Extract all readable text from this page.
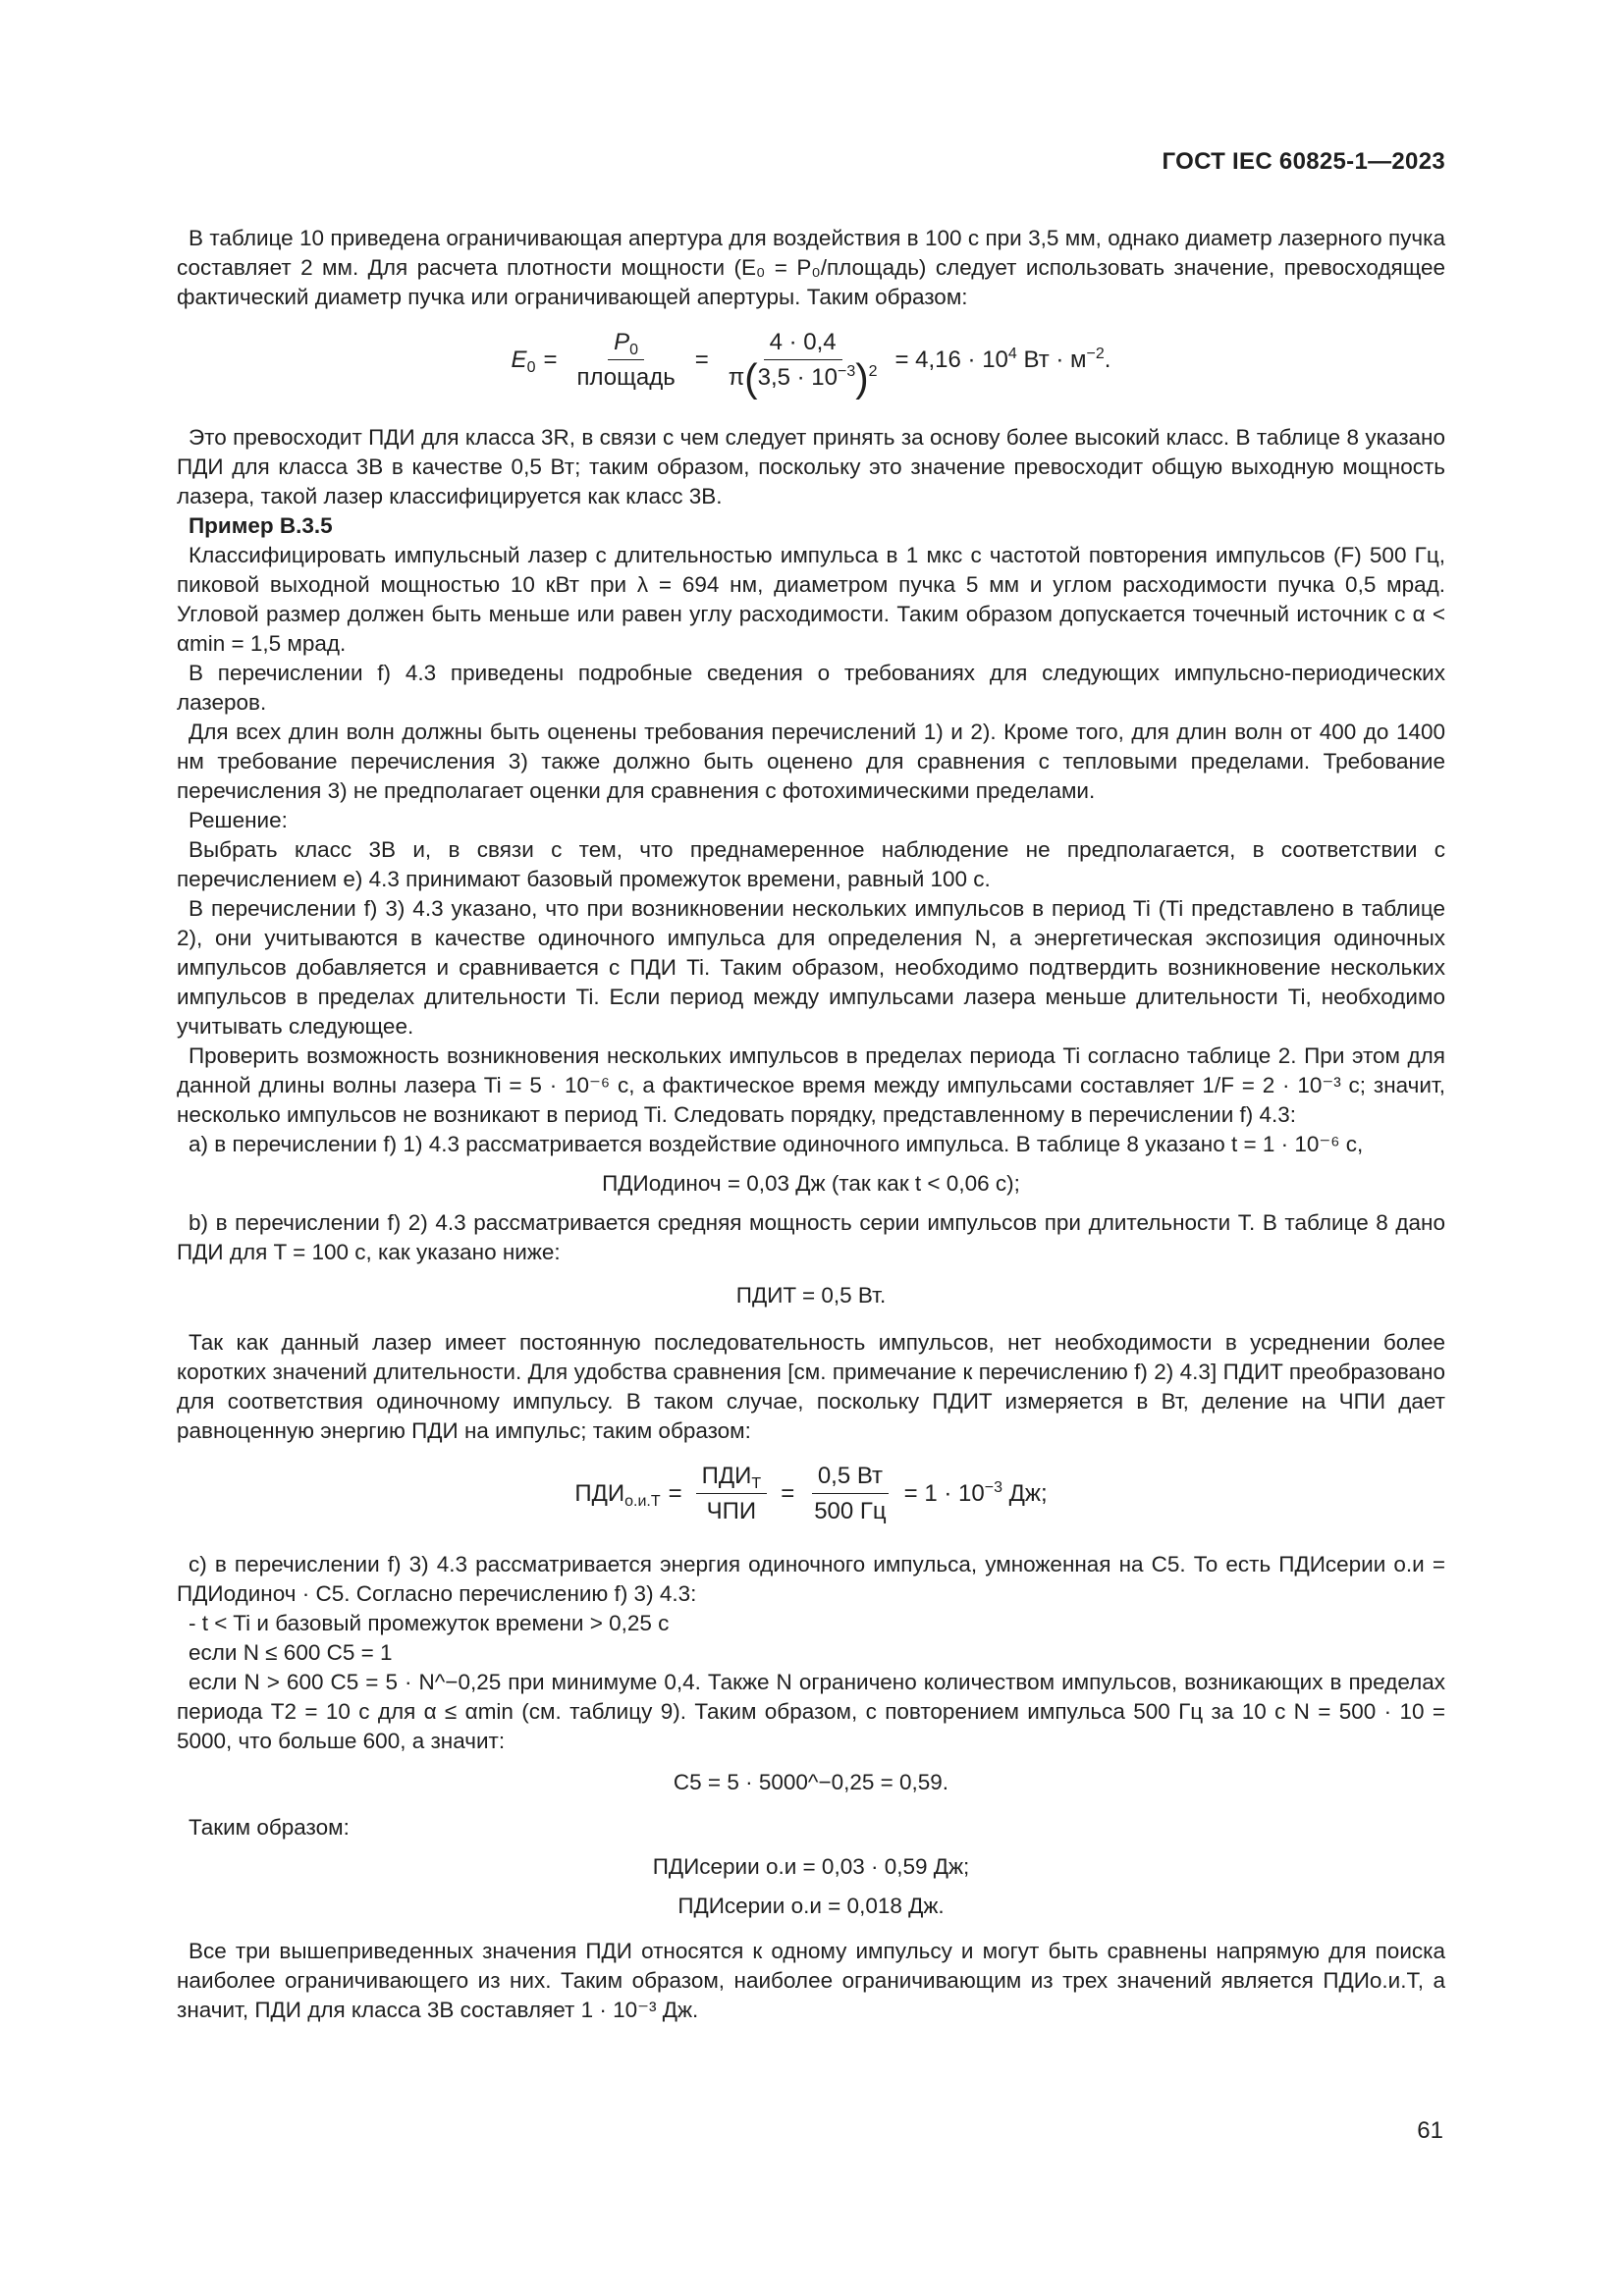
ГОСТ IEC 60825-1—2023

В таблице 10 приведена ограничивающая апертура для воздействия в 100 с при 3,5 мм, однако диаметр лазерного пучка составляет 2 мм. Для расчета плотности мощности (E₀ = P₀/площадь) следует использовать значение, превосходящее фактический диаметр пучка или ограничивающей апертуры. Таким образом:

$E_0 = \frac{P_0}{\text{площадь}} = \frac{4 \cdot 0,4}{\pi(3,5 \cdot 10^{-3})^2} = 4,16 \cdot 10^4$ Вт · $м^{-2}$.

Это превосходит ПДИ для класса 3R, в связи с чем следует принять за основу более высокий класс. В таблице 8 указано ПДИ для класса 3В в качестве 0,5 Вт; таким образом, поскольку это значение превосходит общую выходную мощность лазера, такой лазер классифицируется как класс 3В.

Пример В.3.5

Классифицировать импульсный лазер с длительностью импульса в 1 мкс с частотой повторения импульсов (F) 500 Гц, пиковой выходной мощностью 10 кВт при λ = 694 нм, диаметром пучка 5 мм и углом расходимости пучка 0,5 мрад. Угловой размер должен быть меньше или равен углу расходимости. Таким образом допускается точечный источник с α < αmin = 1,5 мрад.

В перечислении f) 4.3 приведены подробные сведения о требованиях для следующих импульсно-периодических лазеров.

Для всех длин волн должны быть оценены требования перечислений 1) и 2). Кроме того, для длин волн от 400 до 1400 нм требование перечисления 3) также должно быть оценено для сравнения с тепловыми пределами. Требование перечисления 3) не предполагает оценки для сравнения с фотохимическими пределами.

Решение:

Выбрать класс 3В и, в связи с тем, что преднамеренное наблюдение не предполагается, в соответствии с перечислением е) 4.3 принимают базовый промежуток времени, равный 100 с.

В перечислении f) 3) 4.3 указано, что при возникновении нескольких импульсов в период Ti (Ti представлено в таблице 2), они учитываются в качестве одиночного импульса для определения N, а энергетическая экспозиция одиночных импульсов добавляется и сравнивается с ПДИ Ti. Таким образом, необходимо подтвердить возникновение нескольких импульсов в пределах длительности Ti. Если период между импульсами лазера меньше длительности Ti, необходимо учитывать следующее.

Проверить возможность возникновения нескольких импульсов в пределах периода Ti согласно таблице 2. При этом для данной длины волны лазера Ti = 5 · 10⁻⁶ с, а фактическое время между импульсами составляет 1/F = 2 · 10⁻³ с; значит, несколько импульсов не возникают в период Ti. Следовать порядку, представленному в перечислении f) 4.3:

a) в перечислении f) 1) 4.3 рассматривается воздействие одиночного импульса. В таблице 8 указано t = 1 · 10⁻⁶ с,

ПДИодиноч = 0,03 Дж (так как t < 0,06 с);

b) в перечислении f) 2) 4.3 рассматривается средняя мощность серии импульсов при длительности T. В таблице 8 дано ПДИ для T = 100 с, как указано ниже:

ПДИT = 0,5 Вт.

Так как данный лазер имеет постоянную последовательность импульсов, нет необходимости в усреднении более коротких значений длительности. Для удобства сравнения [см. примечание к перечислению f) 2) 4.3] ПДИT преобразовано для соответствия одиночному импульсу. В таком случае, поскольку ПДИT измеряется в Вт, деление на ЧПИ дает равноценную энергию ПДИ на импульс; таким образом:

$ПДИ_{о.и.Т} = \frac{ПДИ_Т}{\text{ЧПИ}} = \frac{0,5 Вт}{500 Гц} = 1 \cdot 10^{-3}$ Дж;

c) в перечислении f) 3) 4.3 рассматривается энергия одиночного импульса, умноженная на C5. То есть ПДИсерии о.и = ПДИодиноч · C5. Согласно перечислению f) 3) 4.3:

- t < Ti и базовый промежуток времени > 0,25 с

если N ≤ 600 C5 = 1

если N > 600 C5 = 5 · N^−0,25 при минимуме 0,4. Также N ограничено количеством импульсов, возникающих в пределах периода T2 = 10 с для α ≤ αmin (см. таблицу 9). Таким образом, с повторением импульса 500 Гц за 10 с N = 500 · 10 = 5000, что больше 600, а значит:

C5 = 5 · 5000^−0,25 = 0,59.

Таким образом:

ПДИсерии о.и = 0,03 · 0,59 Дж;

ПДИсерии о.и = 0,018 Дж.

Все три вышеприведенных значения ПДИ относятся к одному импульсу и могут быть сравнены напрямую для поиска наиболее ограничивающего из них. Таким образом, наиболее ограничивающим из трех значений является ПДИо.и.Т, а значит, ПДИ для класса 3В составляет 1 · 10⁻³ Дж.

61
